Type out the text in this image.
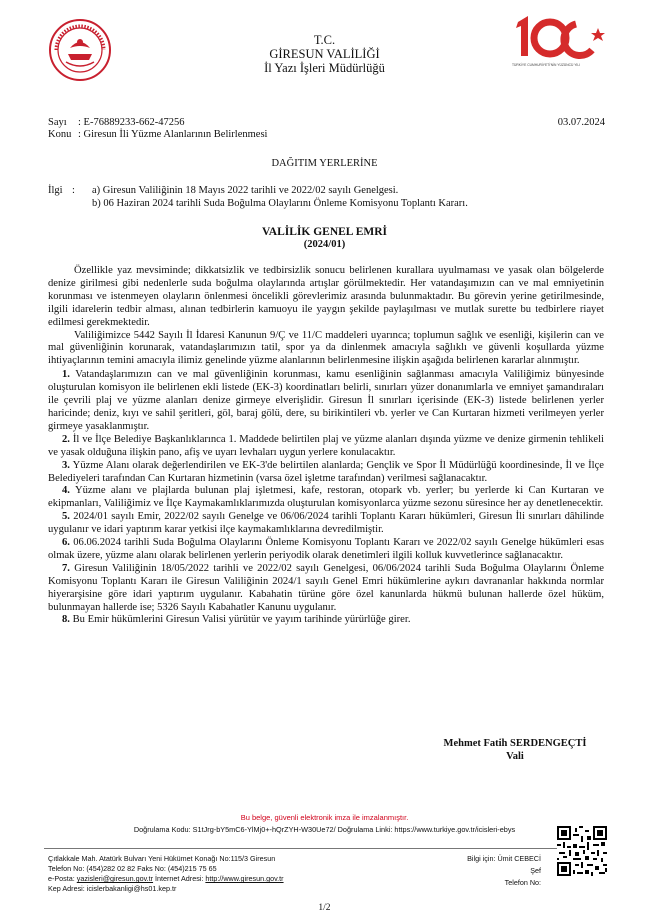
TÜRKİYE CUMHURİYETİ'NİN YÜZÜNCÜ YILI
T.C.
GİRESUN VALİLİĞİ
İl Yazı İşleri Müdürlüğü
Sayı : E-76889233-662-47256	03.07.2024
Konu : Giresun İli Yüzme Alanlarının Belirlenmesi
DAĞITIM YERLERİNE
İlgi : a) Giresun Valiliğinin 18 Mayıs 2022 tarihli ve 2022/02 sayılı Genelgesi.
b) 06 Haziran 2024 tarihli Suda Boğulma Olaylarını Önleme Komisyonu Toplantı Kararı.
VALİLİK GENEL EMRİ
(2024/01)

Özellikle yaz mevsiminde; dikkatsizlik ve tedbirsizlik sonucu belirlenen kurallara uyulmaması ve yasak olan bölgelerde denize girilmesi gibi nedenlerle suda boğulma olaylarında artışlar görülmektedir. Her vatandaşımızın can ve mal emniyetinin korunması ve istenmeyen olayların önlenmesi öncelikli görevlerimiz arasında bulunmaktadır. Bu görevin yerine getirilmesinde, ilgili idarelerin tedbir alması, alınan tedbirlerin kamuoyu ile yaygın şekilde paylaşılması ve mutlak surette bu tedbirlere riayet edilmesi gerekmektedir.

Valiliğimizce 5442 Sayılı İl İdaresi Kanunun 9/Ç ve 11/C maddeleri uyarınca; toplumun sağlık ve esenliği, kişilerin can ve mal güvenliğinin korunarak, vatandaşlarımızın tatil, spor ya da dinlenmek amacıyla sağlıklı ve güvenli koşullarda yüzme ihtiyaçlarının temini amacıyla ilimiz genelinde yüzme alanlarının belirlenmesine ilişkin aşağıda belirlenen kararlar alınmıştır.

1. Vatandaşlarımızın can ve mal güvenliğinin korunması, kamu esenliğinin sağlanması amacıyla Valiliğimiz bünyesinde oluşturulan komisyon ile belirlenen ekli listede (EK-3) koordinatları belirli, sınırları yüzer donanımlarla ve emniyet şamandıraları ile çevrili plaj ve yüzme alanları denize girmeye elverişlidir. Giresun İl sınırları içerisinde (EK-3) listede belirlenen yerler haricinde; deniz, kıyı ve sahil şeritleri, göl, baraj gölü, dere, su birikintileri vb. yerler ve Can Kurtaran hizmeti verilmeyen yerler girmeye yasaklanmıştır.

2. İl ve İlçe Belediye Başkanlıklarınca 1. Maddede belirtilen plaj ve yüzme alanları dışında yüzme ve denize girmenin tehlikeli ve yasak olduğuna ilişkin pano, afiş ve uyarı levhaları uygun yerlere konulacaktır.

3. Yüzme Alanı olarak değerlendirilen ve EK-3'de belirtilen alanlarda; Gençlik ve Spor İl Müdürlüğü koordinesinde, İl ve İlçe Belediyeleri tarafından Can Kurtaran hizmetinin (varsa özel işletme tarafından) verilmesi sağlanacaktır.

4. Yüzme alanı ve plajlarda bulunan plaj işletmesi, kafe, restoran, otopark vb. yerler; bu yerlerde ki Can Kurtaran ve ekipmanları, Valiliğimiz ve İlçe Kaymakamlıklarımızda oluşturulan komisyonlarca yüzme sezonu süresince her ay denetlenecektir.

5. 2024/01 sayılı Emir, 2022/02 sayılı Genelge ve 06/06/2024 tarihli Toplantı Kararı hükümleri, Giresun İli sınırları dâhilinde uygulanır ve idari yaptırım karar yetkisi ilçe kaymakamlıklarına devredilmiştir.

6. 06.06.2024 tarihli Suda Boğulma Olaylarını Önleme Komisyonu Toplantı Kararı ve 2022/02 sayılı Genelge hükümleri esas olmak üzere, yüzme alanı olarak belirlenen yerlerin periyodik olarak denetimleri ilgili kolluk kuvvetlerince sağlanacaktır.

7. Giresun Valiliğinin 18/05/2022 tarihli ve 2022/02 sayılı Genelgesi, 06/06/2024 tarihli Suda Boğulma Olaylarını Önleme Komisyonu Toplantı Kararı ile Giresun Valiliğinin 2024/1 sayılı Genel Emri hükümlerine aykırı davrananlar hakkında normlar hiyerarşisine göre idari yaptırım uygulanır. Kabahatin türüne göre özel kanunlarda hükmü bulunan hallerde özel hüküm, bulunmayan hallerde ise; 5326 Sayılı Kabahatler Kanunu uygulanır.

8. Bu Emir hükümlerini Giresun Valisi yürütür ve yayım tarihinde yürürlüğe girer.

Mehmet Fatih SERDENGEÇTİ
Vali
Bu belge, güvenli elektronik imza ile imzalanmıştır.
Doğrulama Kodu: S1tJrg-bY5mC6-YlMj0+-hQrZYH-W30Ue72/ Doğrulama Linki: https://www.turkiye.gov.tr/icisleri-ebys
Çıtlakkale Mah. Atatürk Bulvarı Yeni Hükümet Konağı No:115/3 Giresun
Telefon No: (454)282 02 82 Faks No: (454)215 75 65
e-Posta: yazisleri@giresun.gov.tr İnternet Adresi: http://www.giresun.gov.tr
Kep Adresi: icislerbakanligi@hs01.kep.tr
Bilgi için: Ümit CEBECİ
Şef
Telefon No:
1/2
